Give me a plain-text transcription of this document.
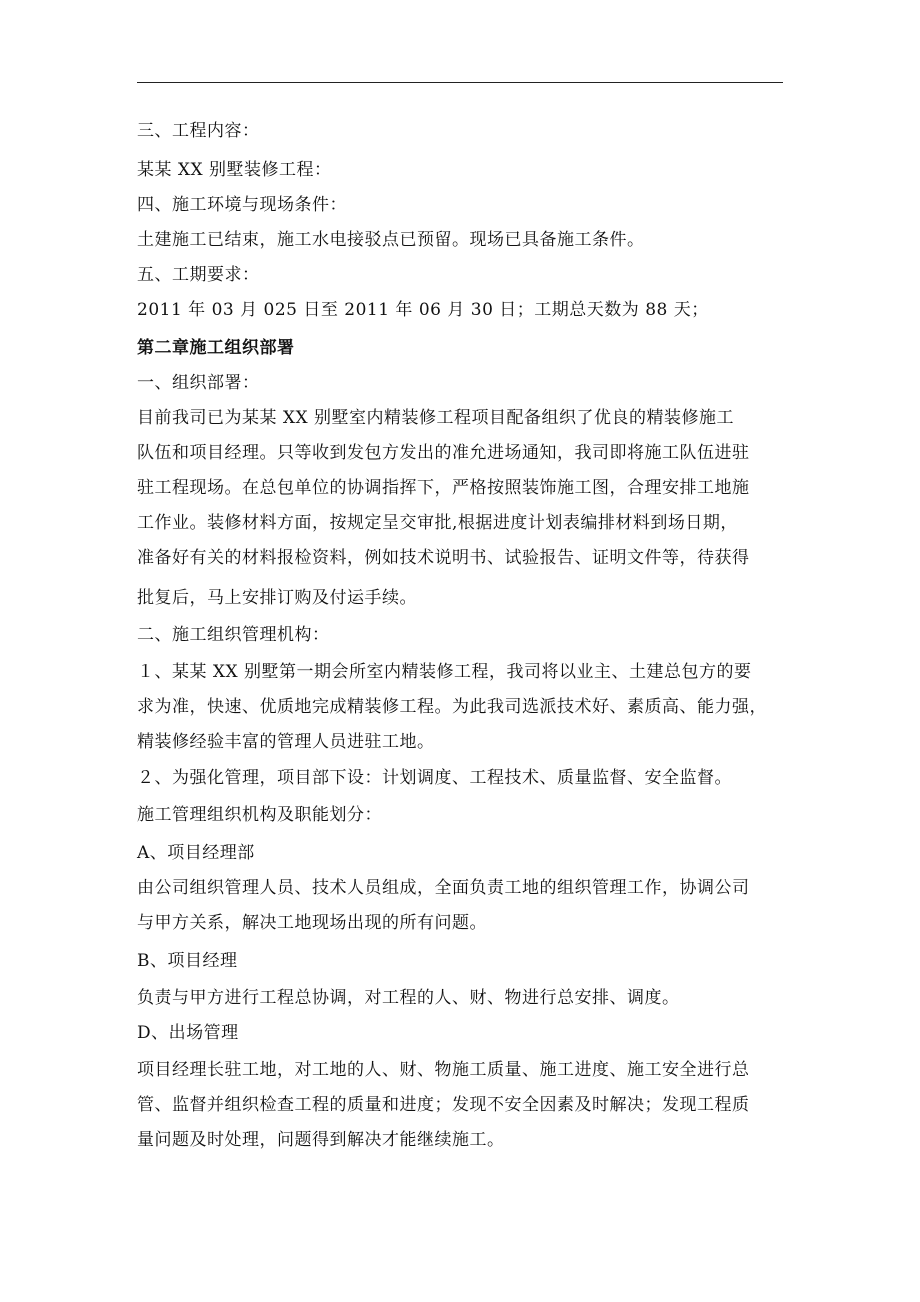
三、工程内容：
某某 XX 别墅装修工程：
四、施工环境与现场条件：
土建施工已结束，施工水电接驳点已预留。现场已具备施工条件。
五、工期要求：
2011 年 03 月 025 日至 2011 年 06 月 30 日；工期总天数为 88 天；
第二章施工组织部署
一、组织部署：
目前我司已为某某 XX 别墅室内精装修工程项目配备组织了优良的精装修施工
队伍和项目经理。只等收到发包方发出的准允进场通知，我司即将施工队伍进驻
驻工程现场。在总包单位的协调指挥下，严格按照装饰施工图，合理安排工地施
工作业。装修材料方面，按规定呈交审批,根据进度计划表编排材料到场日期，
准备好有关的材料报检资料，例如技术说明书、试验报告、证明文件等，待获得
批复后，马上安排订购及付运手续。
二、施工组织管理机构：
１、某某 XX 别墅第一期会所室内精装修工程，我司将以业主、土建总包方的要
求为准，快速、优质地完成精装修工程。为此我司选派技术好、素质高、能力强，
精装修经验丰富的管理人员进驻工地。
２、为强化管理，项目部下设：计划调度、工程技术、质量监督、安全监督。
施工管理组织机构及职能划分：
A、项目经理部
由公司组织管理人员、技术人员组成，全面负责工地的组织管理工作，协调公司
与甲方关系，解决工地现场出现的所有问题。
B、项目经理
负责与甲方进行工程总协调，对工程的人、财、物进行总安排、调度。
D、出场管理
项目经理长驻工地，对工地的人、财、物施工质量、施工进度、施工安全进行总
管、监督并组织检查工程的质量和进度；发现不安全因素及时解决；发现工程质
量问题及时处理，问题得到解决才能继续施工。
